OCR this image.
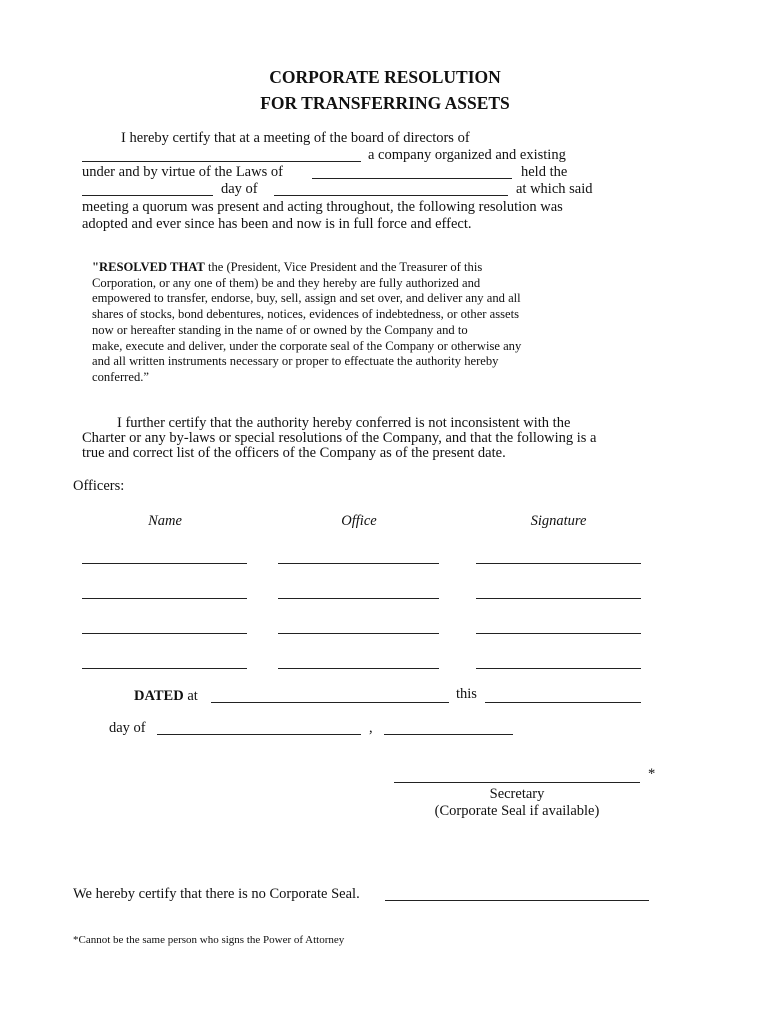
CORPORATE RESOLUTION
FOR TRANSFERRING ASSETS
I hereby certify that at a meeting of the board of directors of
a company organized and existing
under and by virtue of the Laws of	held the
day of	at which said
meeting a quorum was present and acting throughout, the following resolution was
adopted and ever since has been and now is in full force and effect.
"RESOLVED THAT the (President, Vice President and the Treasurer of this
Corporation, or any one of them) be and they hereby are fully authorized and
empowered to transfer, endorse, buy, sell, assign and set over, and deliver any and all
shares of stocks, bond debentures, notices, evidences of indebtedness, or other assets
now or hereafter standing in the name of or owned by the Company and to
make, execute and deliver, under the corporate seal of the Company or otherwise any
and all written instruments necessary or proper to effectuate the authority hereby
conferred.”
I further certify that the authority hereby conferred is not inconsistent with the
Charter or any by-laws or special resolutions of the Company, and that the following is a
true and correct list of the officers of the Company as of the present date.
Officers:
Name	Office	Signature
DATED at	this
day of	,
*
Secretary
(Corporate Seal if available)
We hereby certify that there is no Corporate Seal.
*Cannot be the same person who signs the Power of Attorney
